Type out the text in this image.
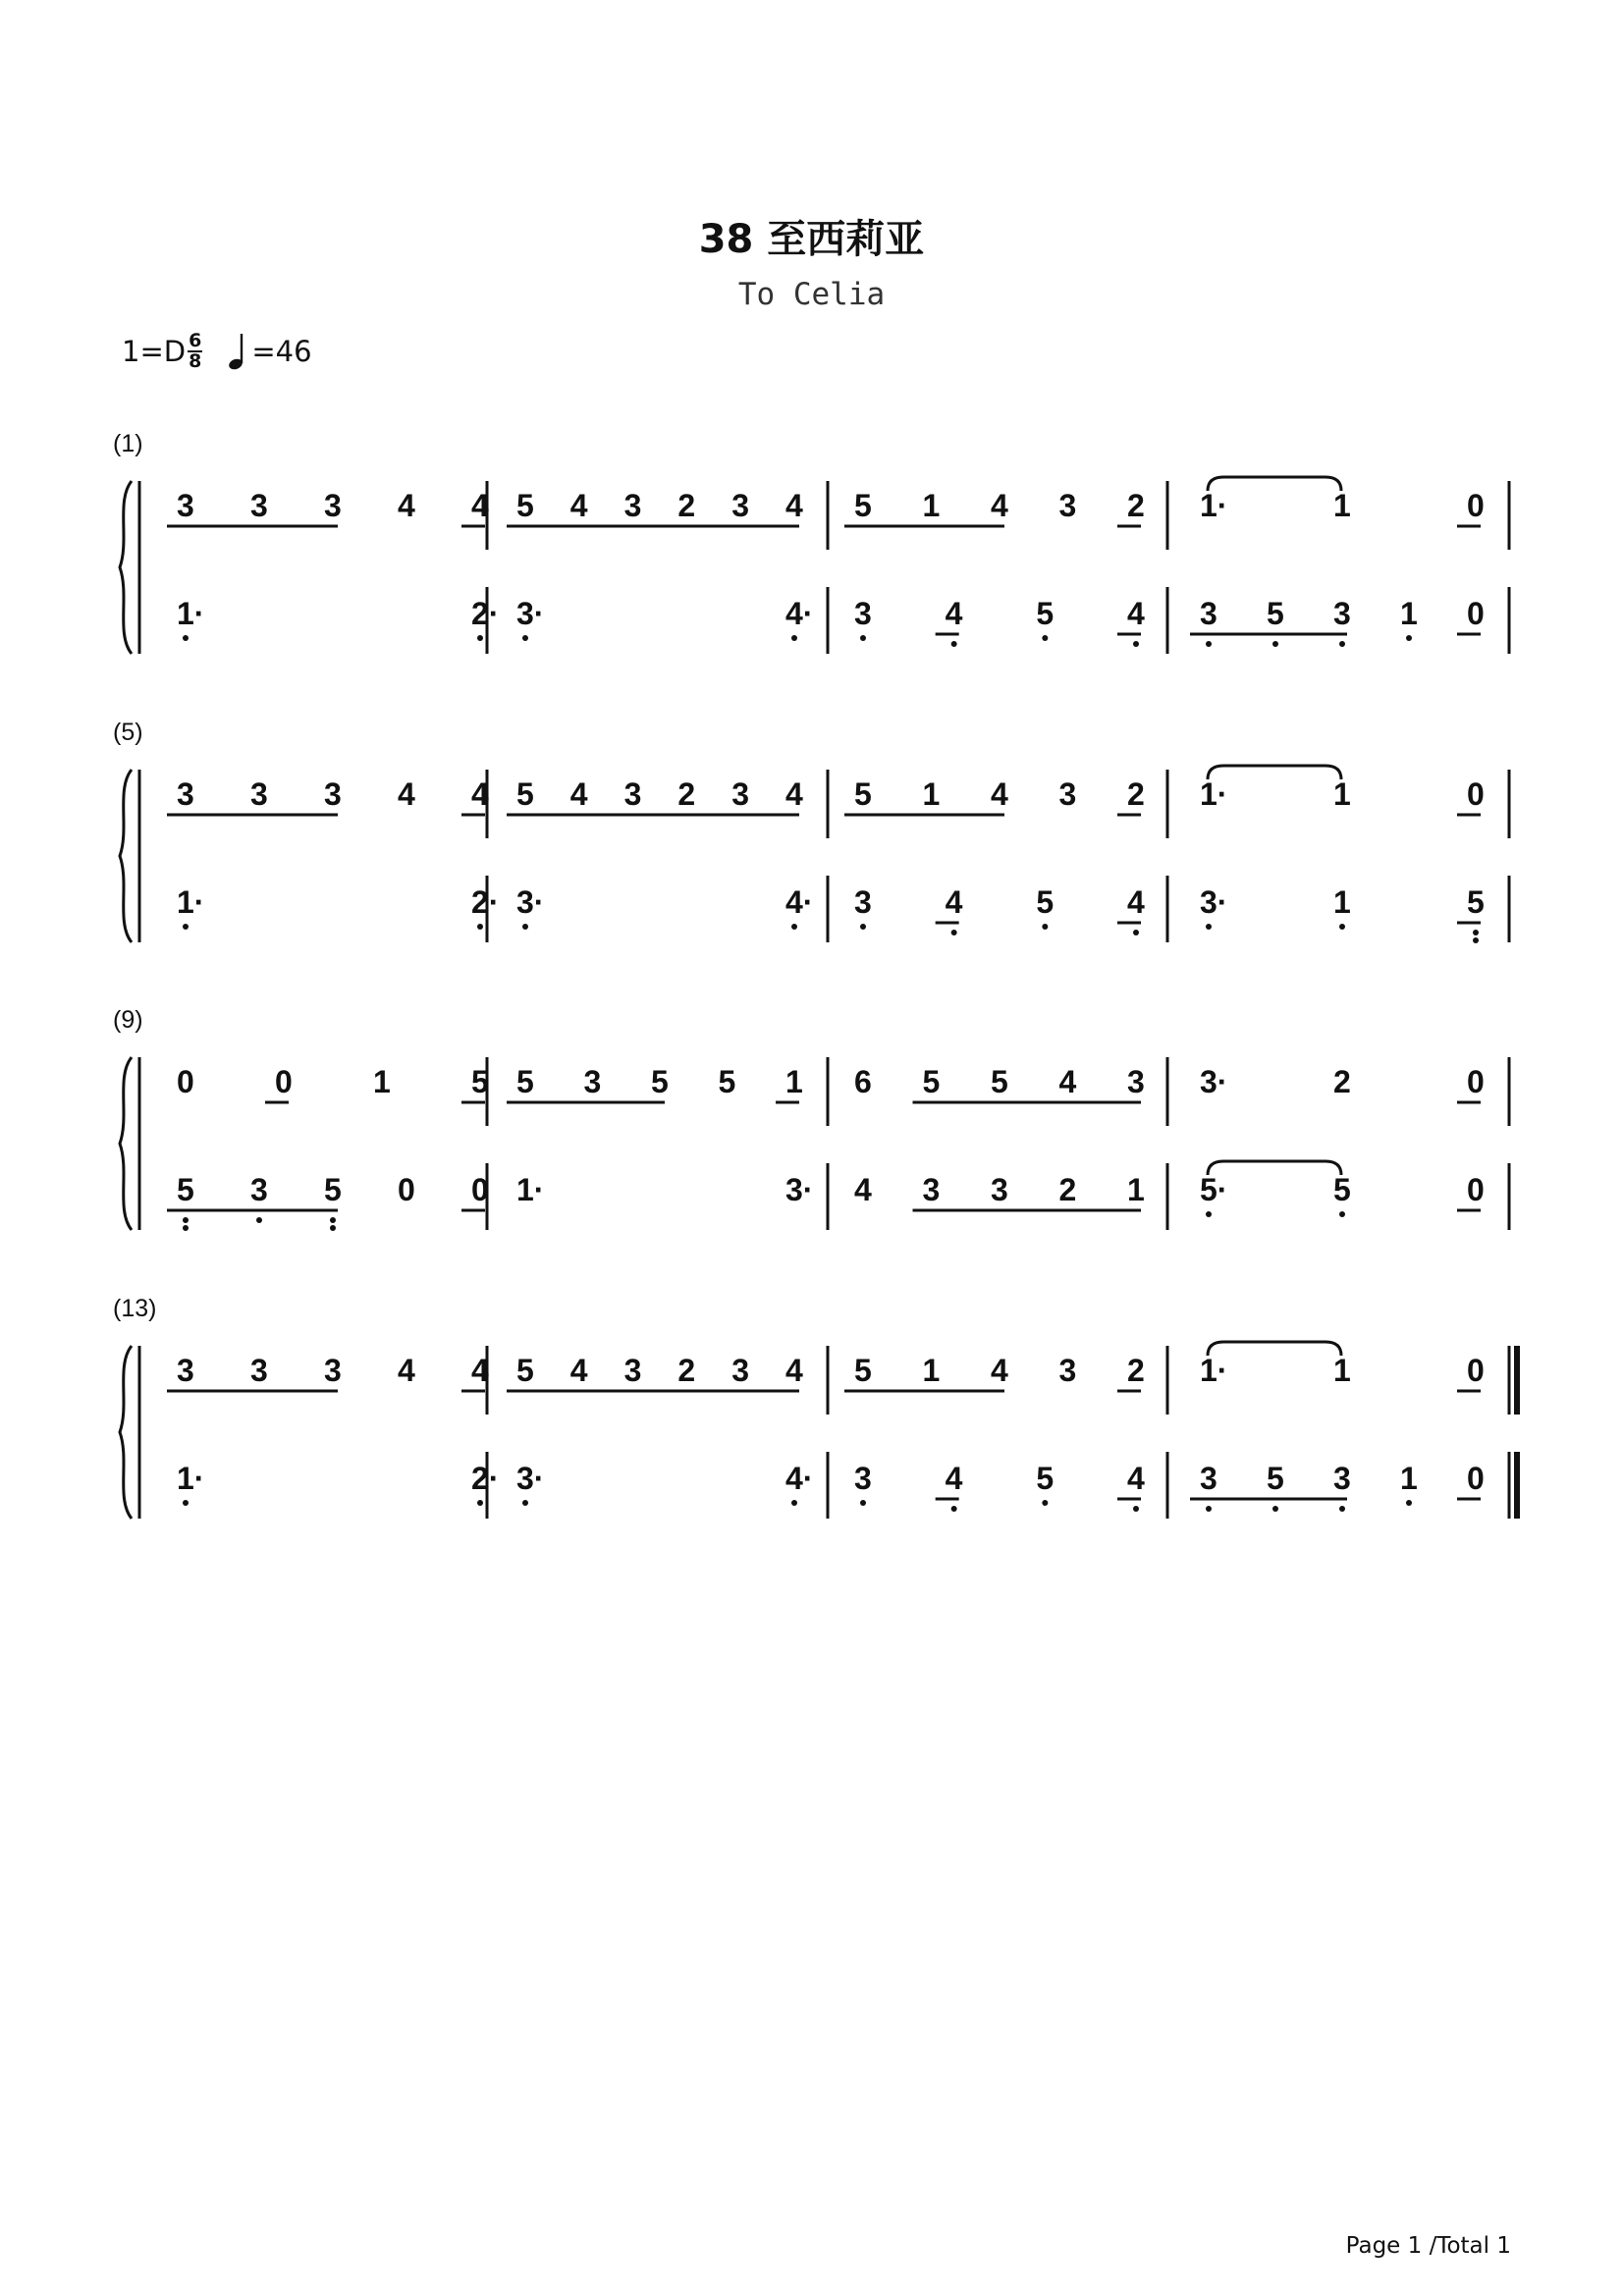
38 至西莉亚
To Celia
$1=D \frac{6}{8} =46$
(1)
3 3 3 4 4 5 4 3 2 3 4 5 1 4 3 2 1·	1	0
1·	2· 3·	4· 3 4 5 4 3 5 3 1 0
(5)
3 3 3 4 4 5 4 3 2 3 4 5 1 4 3 2 1·	1	0
1·	2· 3·	4· 3 4 5 4 3·	1	5
(9)
0	0	1	5 5 3 5 5 1 6 5 5 4 3 3·	2	0
5 3 5 0 0 1·	3· 4 3 3 2 1 5·	5	0
(13)
3 3 3 4 4 5 4 3 2 3 4 5 1 4 3 2 1·	1	0
1·	2· 3·	4· 3 4 5 4 3 5 3 1 0
Page 1 /Total 1
